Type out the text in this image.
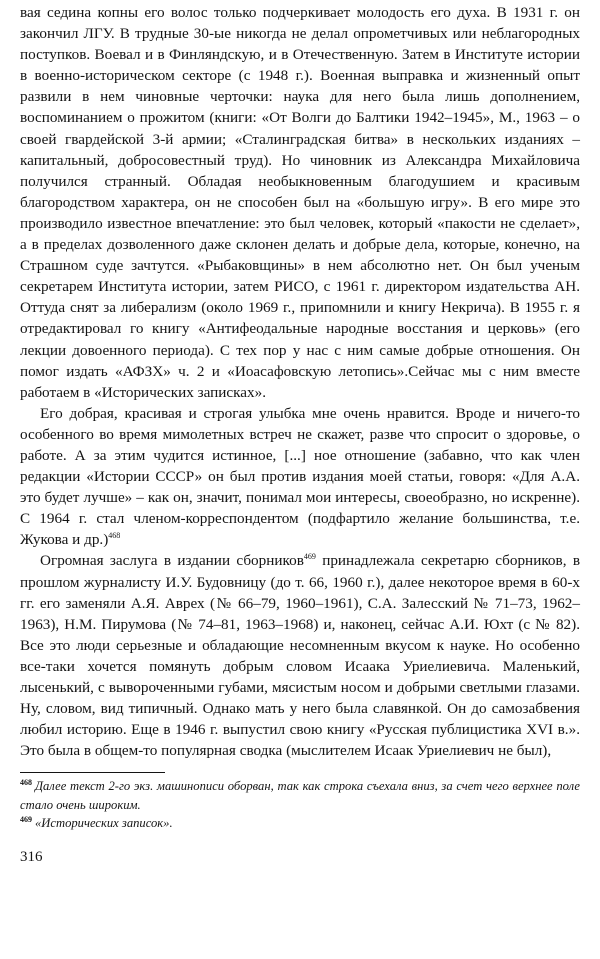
вая седина копны его волос только подчеркивает молодость его духа. В 1931 г. он закончил ЛГУ. В трудные 30-ые никогда не делал опрометчивых или неблагородных поступков. Воевал и в Финляндскую, и в Отечественную. Затем в Институте истории в военно-историческом секторе (с 1948 г.). Военная выправка и жизненный опыт развили в нем чиновные черточки: наука для него была лишь дополнением, воспоминанием о прожитом (книги: «От Волги до Балтики 1942–1945», М., 1963 – о своей гвардейской 3-й армии; «Сталинградская битва» в нескольких изданиях – капитальный, добросовестный труд). Но чиновник из Александра Михайловича получился странный. Обладая необыкновенным благодушием и красивым благородством характера, он не способен был на «большую игру». В его мире это производило известное впечатление: это был человек, который «пакости не сделает», а в пределах дозволенного даже склонен делать и добрые дела, которые, конечно, на Страшном суде зачтутся. «Рыбаковщины» в нем абсолютно нет. Он был ученым секретарем Института истории, затем РИСО, с 1961 г. директором издательства АН. Оттуда снят за либерализм (около 1969 г., припомнили и книгу Некрича). В 1955 г. я отредактировал го книгу «Антифеодальные народные восстания и церковь» (его лекции довоенного периода). С тех пор у нас с ним самые добрые отношения. Он помог издать «АФЗХ» ч. 2 и «Иоасафовскую летопись».Сейчас мы с ним вместе работаем в «Исторических записках».

Его добрая, красивая и строгая улыбка мне очень нравится. Вроде и ничего-то особенного во время мимолетных встреч не скажет, разве что спросит о здоровье, о работе. А за этим чудится истинное, [...] ное отношение (забавно, что как член редакции «Истории СССР» он был против издания моей статьи, говоря: «Для А.А. это будет лучше» – как он, значит, понимал мои интересы, своеобразно, но искренне). С 1964 г. стал членом-корреспондентом (подфартило желание большинства, т.е. Жукова и др.)$^{468}$

Огромная заслуга в издании сборников$^{469}$ принадлежала секретарю сборников, в прошлом журналисту И.У. Будовницу (до т. 66, 1960 г.), далее некоторое время в 60-х гг. его заменяли А.Я. Аврех (№ 66–79, 1960–1961), С.А. Залесский № 71–73, 1962–1963), Н.М. Пирумова (№ 74–81, 1963–1968) и, наконец, сейчас А.И. Юхт (с № 82). Все это люди серьезные и обладающие несомненным вкусом к науке. Но особенно все-таки хочется помянуть добрым словом Исаака Уриелиевича. Маленький, лысенький, с вывороченными губами, мясистым носом и добрыми светлыми глазами. Ну, словом, вид типичный. Однако мать у него была славянкой. Он до самозабвения любил историю. Еще в 1946 г. выпустил свою книгу «Русская публицистика XVI в.». Это была в общем-то популярная сводка (мыслителем Исаак Уриелиевич не был),

$^{468}$ Далее текст 2-го экз. машинописи оборван, так как строка съехала вниз, за счет чего верхнее поле стало очень широким.

$^{469}$ «Исторических записок».

316
